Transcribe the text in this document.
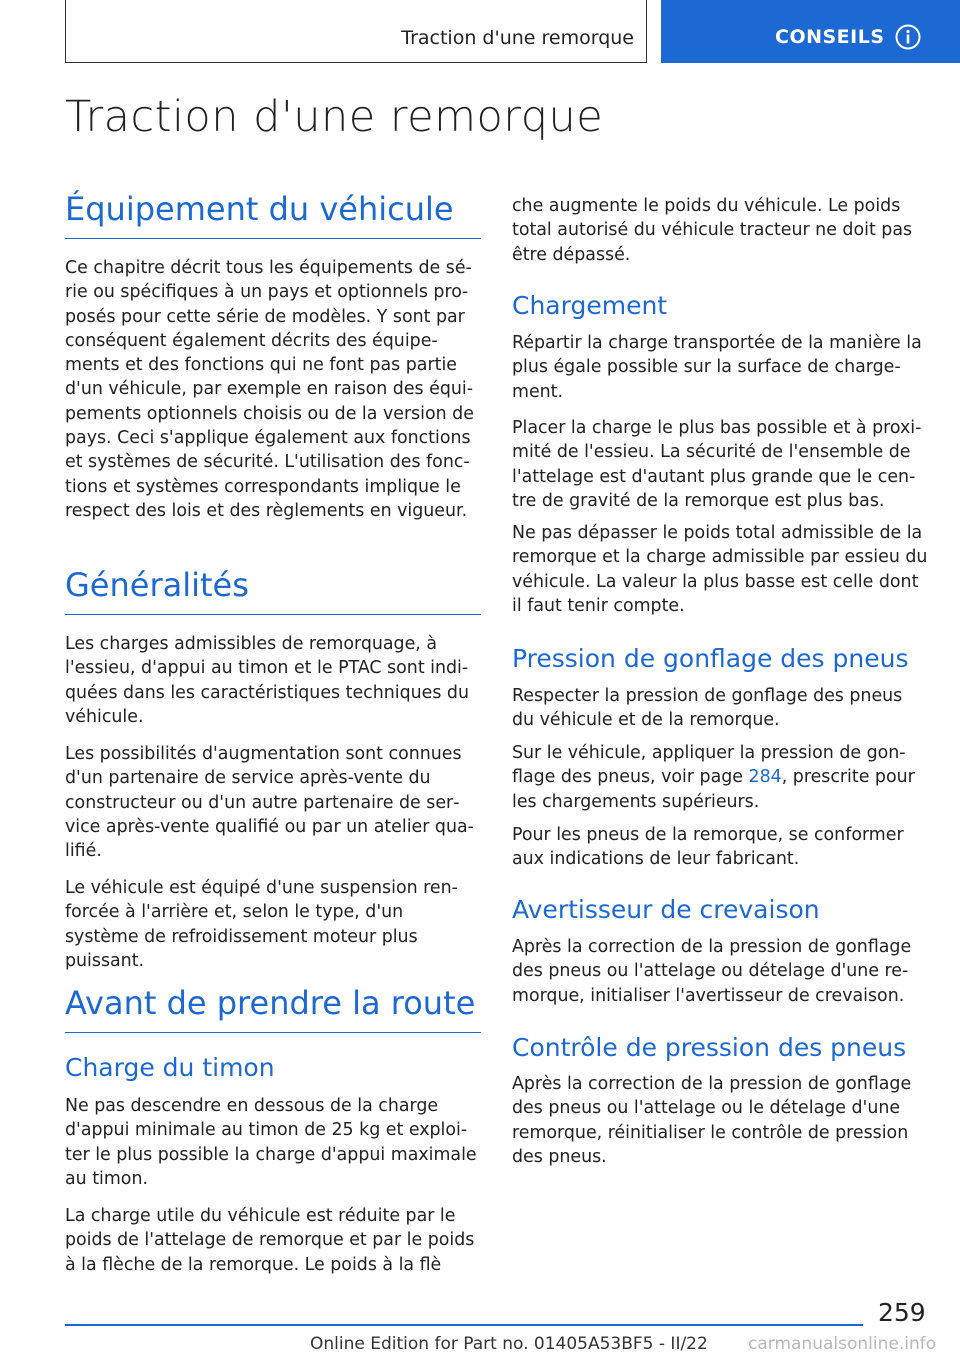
Traction d'une remorque	CONSEILS
Traction d'une remorque
Équipement du véhicule

Ce chapitre décrit tous les équipements de série ou spécifiques à un pays et optionnels proposés pour cette série de modèles. Y sont par conséquent également décrits des équipements et des fonctions qui ne font pas partie d'un véhicule, par exemple en raison des équipements optionnels choisis ou de la version de pays. Ceci s'applique également aux fonctions et systèmes de sécurité. L'utilisation des fonctions et systèmes correspondants implique le respect des lois et des règlements en vigueur.

Généralités

Les charges admissibles de remorquage, à l'essieu, d'appui au timon et le PTAC sont indiquées dans les caractéristiques techniques du véhicule.

Les possibilités d'augmentation sont connues d'un partenaire de service après-vente du constructeur ou d'un autre partenaire de service après-vente qualifié ou par un atelier qualifié.

Le véhicule est équipé d'une suspension renforcée à l'arrière et, selon le type, d'un système de refroidissement moteur plus puissant.

Avant de prendre la route
Charge du timon

Ne pas descendre en dessous de la charge d'appui minimale au timon de 25 kg et exploiter le plus possible la charge d'appui maximale au timon.

La charge utile du véhicule est réduite par le poids de l'attelage de remorque et par le poids à la flèche de la remorque. Le poids à la flè

che augmente le poids du véhicule. Le poids total autorisé du véhicule tracteur ne doit pas être dépassé.

Chargement

Répartir la charge transportée de la manière la plus égale possible sur la surface de chargement.

Placer la charge le plus bas possible et à proximité de l'essieu. La sécurité de l'ensemble de l'attelage est d'autant plus grande que le centre de gravité de la remorque est plus bas.

Ne pas dépasser le poids total admissible de la remorque et la charge admissible par essieu du véhicule. La valeur la plus basse est celle dont il faut tenir compte.

Pression de gonflage des pneus

Respecter la pression de gonflage des pneus du véhicule et de la remorque.

Sur le véhicule, appliquer la pression de gonflage des pneus, voir page 284, prescrite pour les chargements supérieurs.

Pour les pneus de la remorque, se conformer aux indications de leur fabricant.

Avertisseur de crevaison

Après la correction de la pression de gonflage des pneus ou l'attelage ou dételage d'une remorque, initialiser l'avertisseur de crevaison.

Contrôle de pression des pneus

Après la correction de la pression de gonflage des pneus ou l'attelage ou le dételage d'une remorque, réinitialiser le contrôle de pression des pneus.

259
Online Edition for Part no. 01405A53BF5 - II/22 carmanualsonline.info
